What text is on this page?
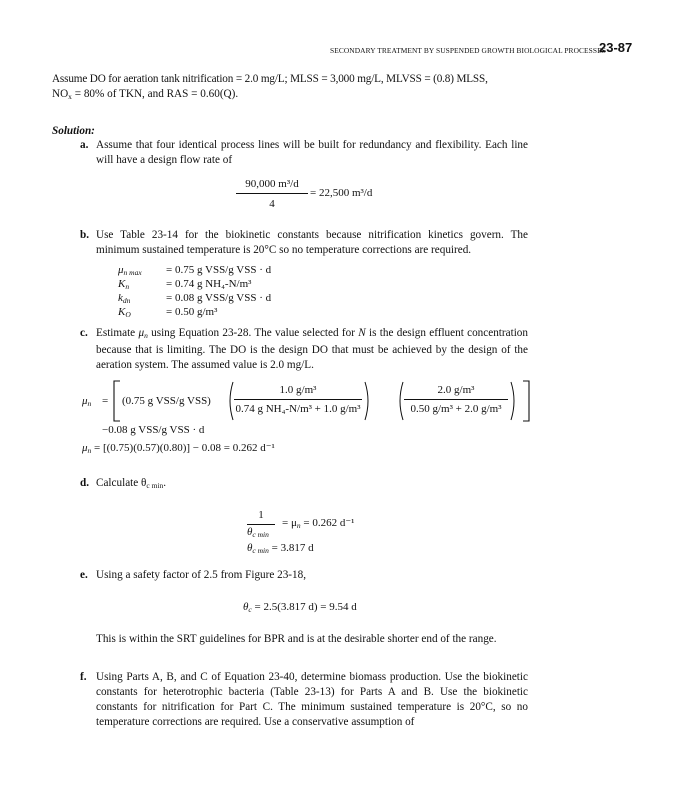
SECONDARY TREATMENT BY SUSPENDED GROWTH BIOLOGICAL PROCESSES
23-87
Assume DO for aeration tank nitrification = 2.0 mg/L; MLSS = 3,000 mg/L, MLVSS = (0.8) MLSS,
$NO_x = 80\%$ of TKN, and RAS = 0.60(Q).
Solution:
a. Assume that four identical process lines will be built for redundancy and flexibility. Each line will have a design flow rate of
90,000 m³/d
4
= 22,500 m³/d
b. Use Table 23-14 for the biokinetic constants because nitrification kinetics govern. The minimum sustained temperature is 20°C so no temperature corrections are required.
$\mu_{n max} = 0.75$ g VSS/g VSS · d
$K_n$	= 0.74 g NH₄-N/m³
$k_{dn}$	= 0.08 g VSS/g VSS · d
$K_O$	= 0.50 g/m³
c. Estimate $\mu_n$ using Equation 23-28. The value selected for N is the design effluent concentration because that is limiting. The DO is the design DO that must be achieved by the design of the aeration system. The assumed value is 2.0 mg/L.
$\mu_n = (0.75$ g VSS/g VSS)
1.0 g/m³
0.74 g NH₄-N/m³ + 1.0 g/m³
2.0 g/m³
0.50 g/m³ + 2.0 g/m³
−0.08 g VSS/g VSS · d
$\mu_n = [(0.75)(0.57)(0.80)] - 0.08 = 0.262$ d⁻¹
d. Calculate $\theta_{c min}$.
1
$\theta_{c min}$
= $\mu_n = 0.262$ d⁻¹
$\theta_{c min} = 3.817$ d
e. Using a safety factor of 2.5 from Figure 23-18,
$\theta_c = 2.5(3.817$ d) = 9.54 d
This is within the SRT guidelines for BPR and is at the desirable shorter end of the range.
f. Using Parts A, B, and C of Equation 23-40, determine biomass production. Use the biokinetic constants for heterotrophic bacteria (Table 23-13) for Parts A and B. Use the biokinetic constants for nitrification for Part C. The minimum sustained temperature is 20°C, so no temperature corrections are required. Use a conservative assumption of
